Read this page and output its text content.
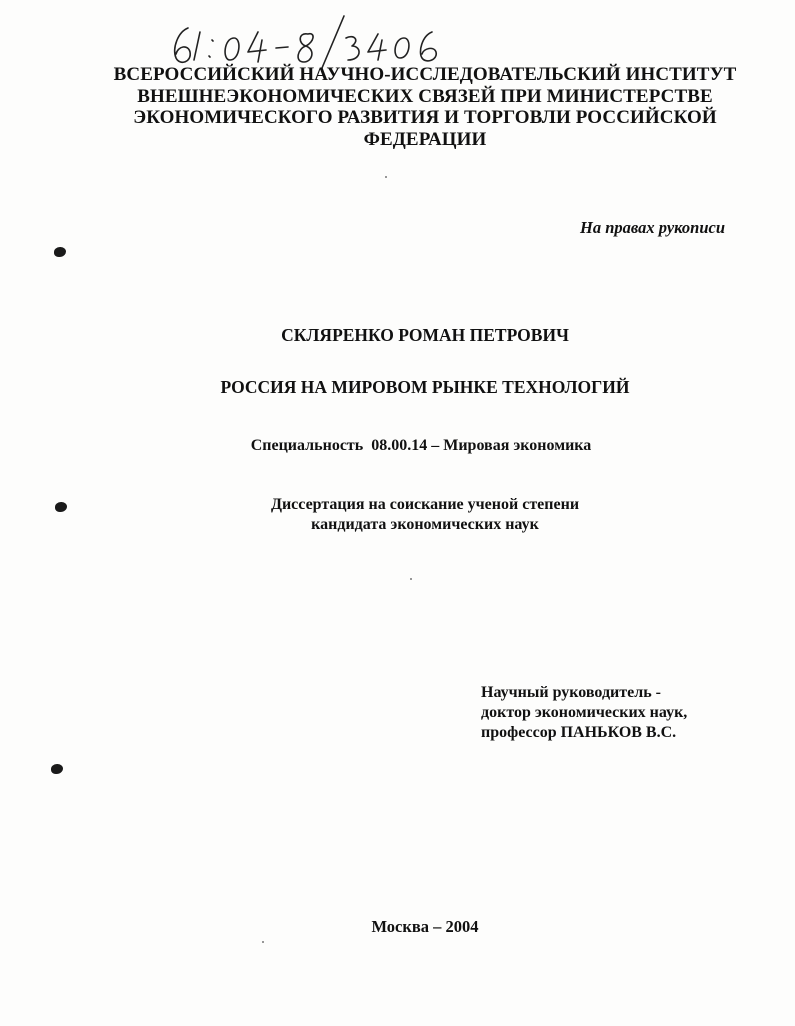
ВСЕРОССИЙСКИЙ НАУЧНО-ИССЛЕДОВАТЕЛЬСКИЙ ИНСТИТУТ
ВНЕШНЕЭКОНОМИЧЕСКИХ СВЯЗЕЙ ПРИ МИНИСТЕРСТВЕ
ЭКОНОМИЧЕСКОГО РАЗВИТИЯ И ТОРГОВЛИ РОССИЙСКОЙ
ФЕДЕРАЦИИ
На правах рукописи
СКЛЯРЕНКО РОМАН ПЕТРОВИЧ
РОССИЯ НА МИРОВОМ РЫНКЕ ТЕХНОЛОГИЙ
Специальность 08.00.14 – Мировая экономика
Диссертация на соискание ученой степени
кандидата экономических наук
Научный руководитель -
доктор экономических наук,
профессор ПАНЬКОВ В.С.
Москва – 2004
